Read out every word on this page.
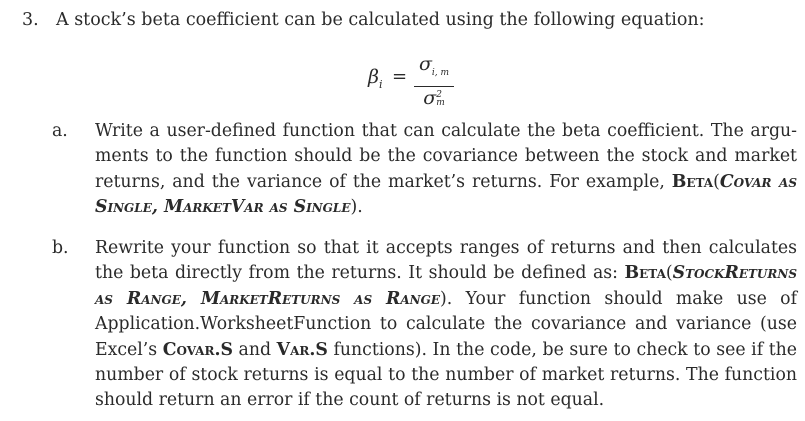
3. A stock’s beta coefficient can be calculated using the following equation:
$\beta_i$ =
$\sigma_{i, m}$
σ2
m
a. Write a user-defined function that can calculate the beta coefficient. The arguments to the function should be the covariance between the stock and market returns, and the variance of the market’s returns. For example, Beta(Covar as Single, MarketVar as Single).
b. Rewrite your function so that it accepts ranges of returns and then calculates the beta directly from the returns. It should be defined as: Beta(StockReturns as Range, MarketReturns as Range). Your function should make use of Application.WorksheetFunction to calculate the covariance and variance (use Excel’s Covar.S and Var.S functions). In the code, be sure to check to see if the number of stock returns is equal to the number of market returns. The function should return an error if the count of returns is not equal.
